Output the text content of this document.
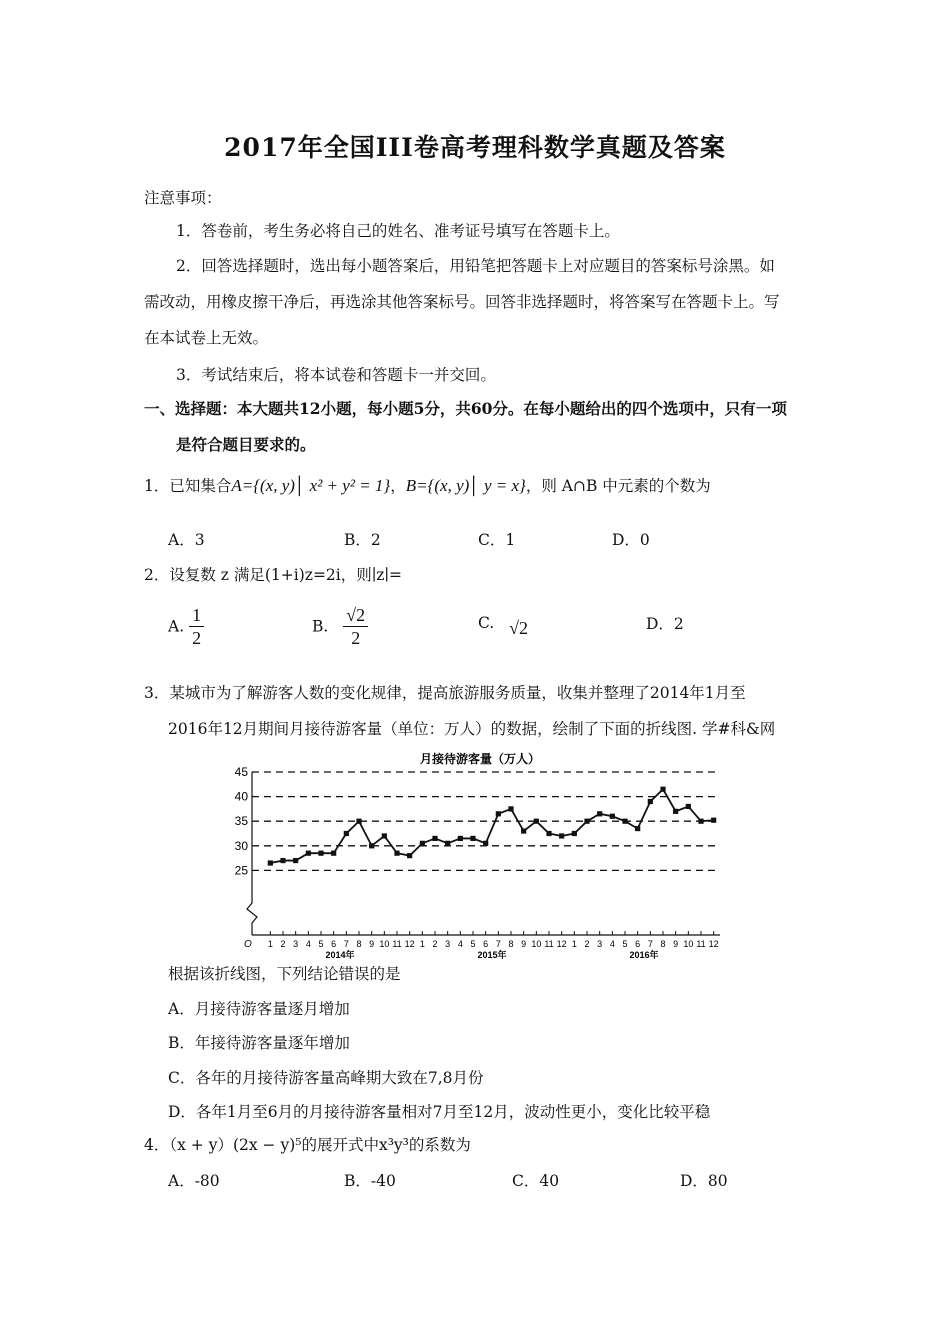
2017年全国III卷高考理科数学真题及答案
注意事项：
1．答卷前，考生务必将自己的姓名、准考证号填写在答题卡上。
2．回答选择题时，选出每小题答案后，用铅笔把答题卡上对应题目的答案标号涂黑。如
需改动，用橡皮擦干净后，再选涂其他答案标号。回答非选择题时，将答案写在答题卡上。写
在本试卷上无效。
3．考试结束后，将本试卷和答题卡一并交回。
一、选择题：本大题共12小题，每小题5分，共60分。在每小题给出的四个选项中，只有一项
是符合题目要求的。
1．已知集合A={(x, y)│ x² + y² = 1}，B={(x, y)│ y = x}，则 A∩B 中元素的个数为
A．3	B．2	C．1	D．0
2．设复数 z 满足(1+i)z=2i，则∣z∣=
A. $\frac{1}{2}$	B. $\frac{√2}{2}$	C. √2	D．2
3．某城市为了解游客人数的变化规律，提高旅游服务质量，收集并整理了2014年1月至
2016年12月期间月接待游客量（单位：万人）的数据，绘制了下面的折线图. 学#科&网
月接待游客量（万人）
25
30
35
40
45
O 1 2 3 4 5 6 7 8 9 10 11 12 1 2 3 4 5 6 7 8 9 10 11 12 1 2 3 4 5 6 7 8 9 10 11 12
2014年	2015年	2016年
根据该折线图，下列结论错误的是
A．月接待游客量逐月增加
B．年接待游客量逐年增加
C．各年的月接待游客量高峰期大致在7,8月份
D．各年1月至6月的月接待游客量相对7月至12月，波动性更小，变化比较平稳
4．（x + y）(2x − y)⁵的展开式中x³y³的系数为
A．-80	B．-40	C．40	D．80
